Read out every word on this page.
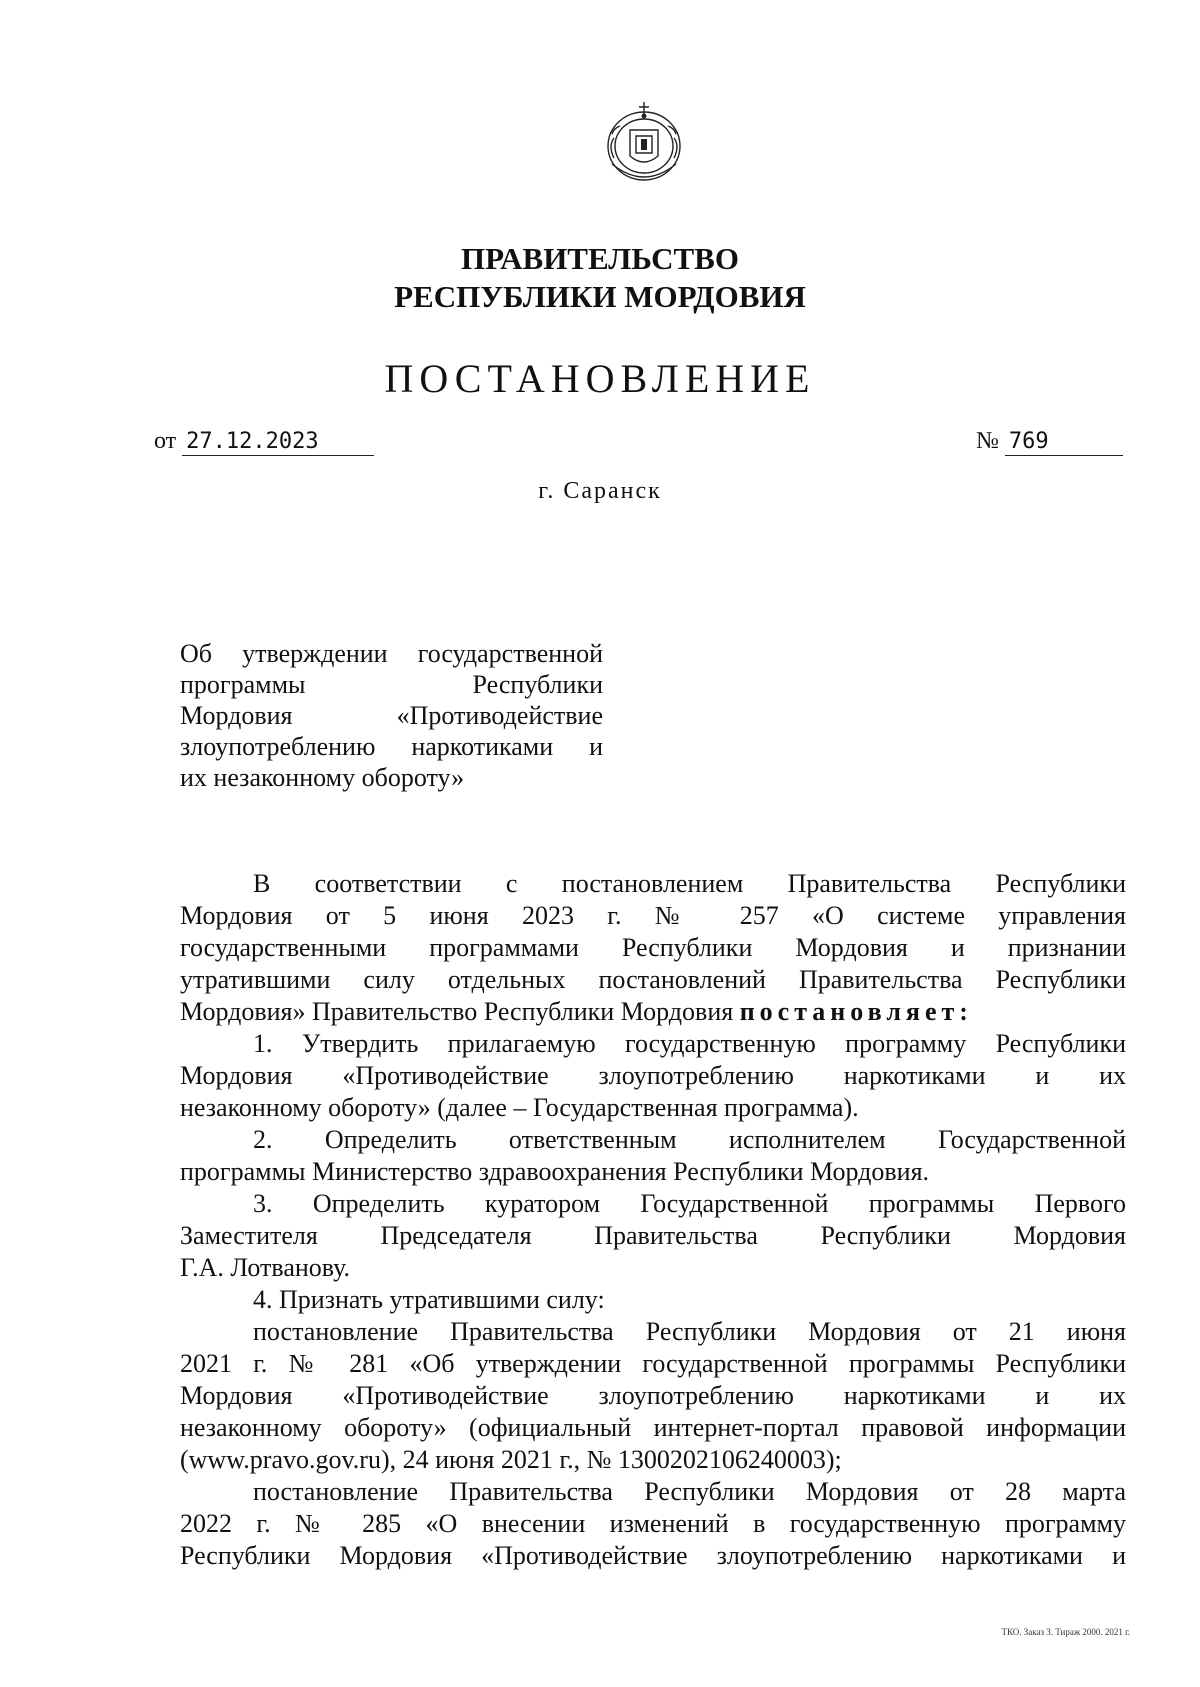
ПРАВИТЕЛЬСТВО
РЕСПУБЛИКИ МОРДОВИЯ
ПОСТАНОВЛЕНИЕ
от 27.12.2023	№ 769
г. Саранск
Об утверждении государственной
программы Республики
Мордовия «Противодействие
злоупотреблению наркотиками и
их незаконному обороту»
В соответствии с постановлением Правительства Республики
Мордовия от 5 июня 2023 г. № 257 «О системе управления
государственными программами Республики Мордовия и признании
утратившими силу отдельных постановлений Правительства Республики
Мордовия» Правительство Республики Мордовия постановляет:
1. Утвердить прилагаемую государственную программу Республики
Мордовия «Противодействие злоупотреблению наркотиками и их
незаконному обороту» (далее – Государственная программа).
2. Определить ответственным исполнителем Государственной
программы Министерство здравоохранения Республики Мордовия.
3. Определить куратором Государственной программы Первого
Заместителя Председателя Правительства Республики Мордовия
Г.А. Лотванову.
4. Признать утратившими силу:
постановление Правительства Республики Мордовия от 21 июня
2021 г. № 281 «Об утверждении государственной программы Республики
Мордовия «Противодействие злоупотреблению наркотиками и их
незаконному обороту» (официальный интернет-портал правовой информации
(www.pravo.gov.ru), 24 июня 2021 г., № 1300202106240003);
постановление Правительства Республики Мордовия от 28 марта
2022 г. № 285 «О внесении изменений в государственную программу
Республики Мордовия «Противодействие злоупотреблению наркотиками и
ТКО. Заказ 3. Тираж 2000. 2021 г.
